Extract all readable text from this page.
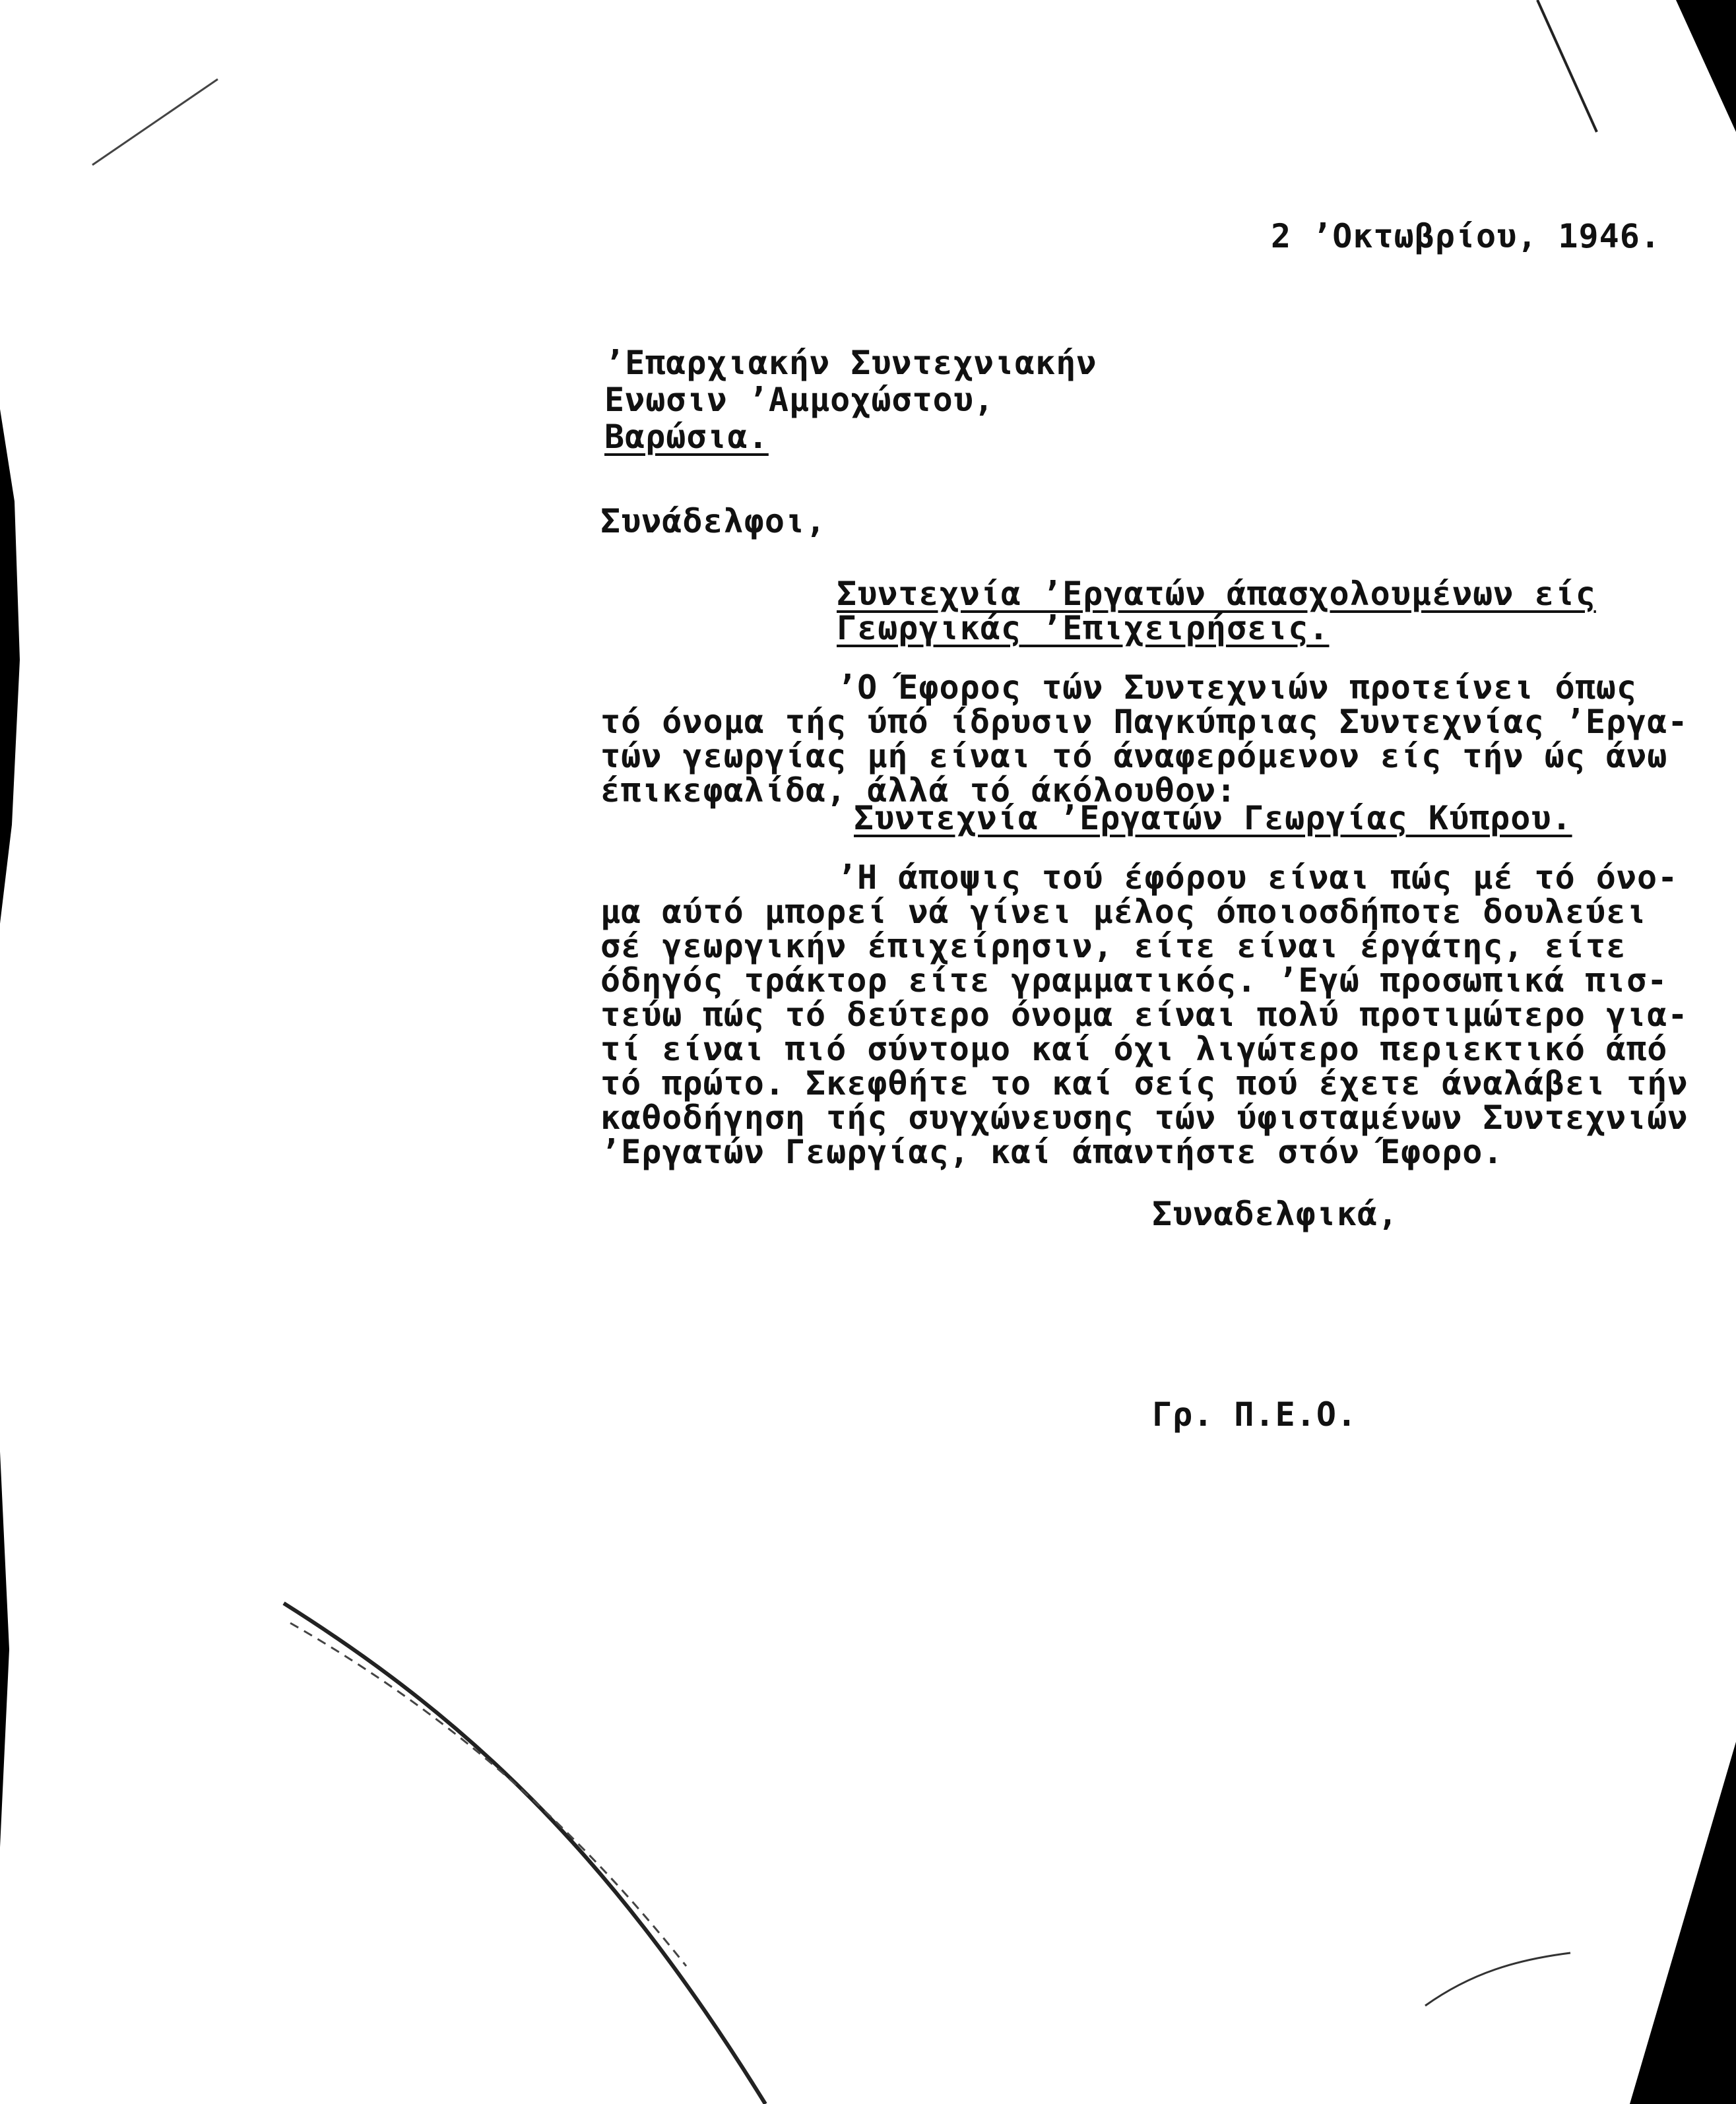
2 ’Οκτωβρίου, 1946.
’Επαρχιακήν Συντεχνιακήν
Ενωσιν ’Αμμοχώστου,
Βαρώσια.
Συνάδελφοι,
Συντεχνία ’Εργατών άπασχολουμένων είς
Γεωργικάς ’Επιχειρήσεις.
’Ο Έφορος τών Συντεχνιών προτείνει όπως
τό όνομα τής ύπό ίδρυσιν Παγκύπριας Συντεχνίας ’Εργα-
τών γεωργίας μή είναι τό άναφερόμενον είς τήν ώς άνω
έπικεφαλίδα, άλλά τό άκόλουθον:
Συντεχνία ’Εργατών Γεωργίας Κύπρου.
’Η άποψις τού έφόρου είναι πώς μέ τό όνο-
μα αύτό μπορεί νά γίνει μέλος όποιοσδήποτε δουλεύει
σέ γεωργικήν έπιχείρησιν, είτε είναι έργάτης, είτε
όδηγός τράκτορ είτε γραμματικός. ’Εγώ προσωπικά πισ-
τεύω πώς τό δεύτερο όνομα είναι πολύ προτιμώτερο για-
τί είναι πιό σύντομο καί όχι λιγώτερο περιεκτικό άπό
τό πρώτο. Σκεφθήτε το καί σείς πού έχετε άναλάβει τήν
καθοδήγηση τής συγχώνευσης τών ύφισταμένων Συντεχνιών
’Εργατών Γεωργίας, καί άπαντήστε στόν Έφορο.
Συναδελφικά,
Γρ. Π.Ε.Ο.
